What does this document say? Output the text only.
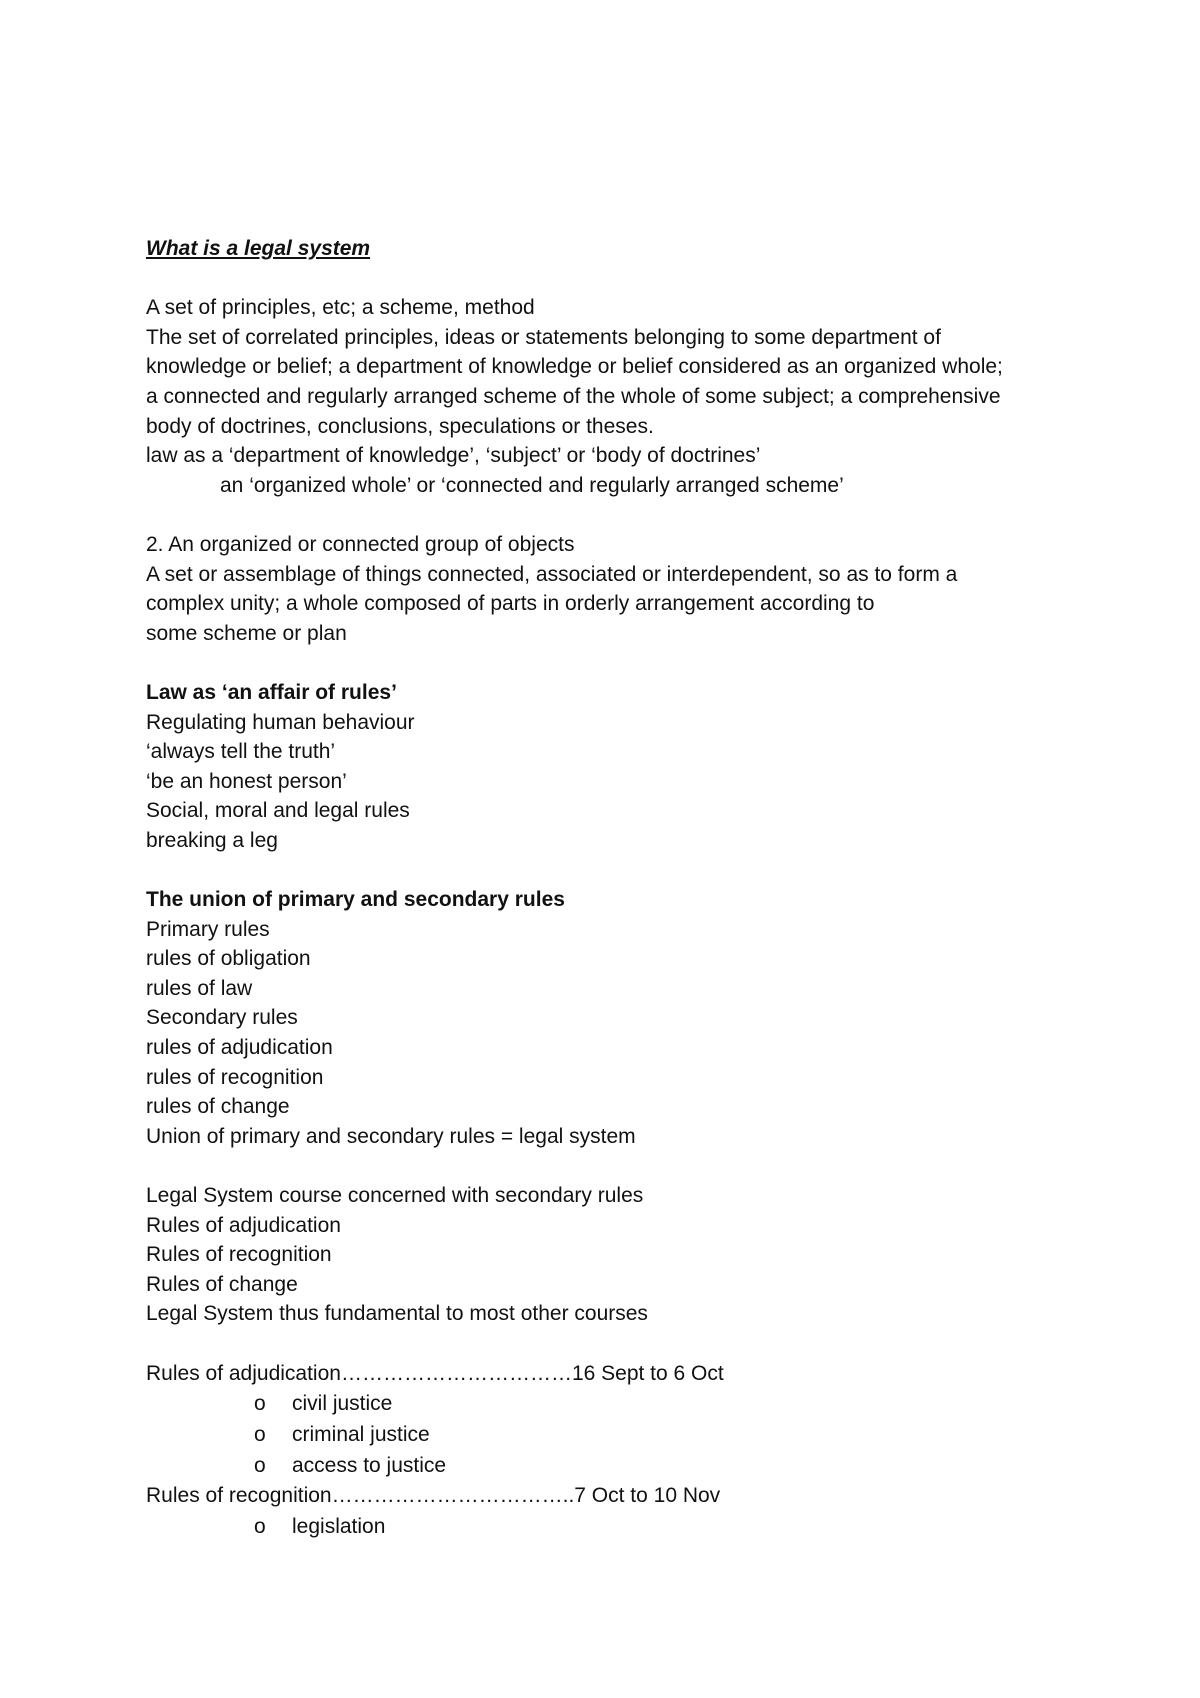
What is a legal system
A set of principles, etc; a scheme, method
The set of correlated principles, ideas or statements belonging to some department of
knowledge or belief; a department of knowledge or belief considered as an organized whole;
a connected and regularly arranged scheme of the whole of some subject; a comprehensive
body of doctrines, conclusions, speculations or theses.
law as a ‘department of knowledge’, ‘subject’ or ‘body of doctrines’
an ‘organized whole’ or ‘connected and regularly arranged scheme’
2. An organized or connected group of objects
A set or assemblage of things connected, associated or interdependent, so as to form a
complex unity; a whole composed of parts in orderly arrangement according to
some scheme or plan
Law as ‘an affair of rules’
Regulating human behaviour
‘always tell the truth’
‘be an honest person’
Social, moral and legal rules
breaking a leg
The union of primary and secondary rules
Primary rules
rules of obligation
rules of law
Secondary rules
rules of adjudication
rules of recognition
rules of change
Union of primary and secondary rules = legal system
Legal System course concerned with secondary rules
Rules of adjudication
Rules of recognition
Rules of change
Legal System thus fundamental to most other courses
Rules of adjudication……………………………16 Sept to 6 Oct
o civil justice
o criminal justice
o access to justice
Rules of recognition……………………………..7 Oct to 10 Nov
o legislation
